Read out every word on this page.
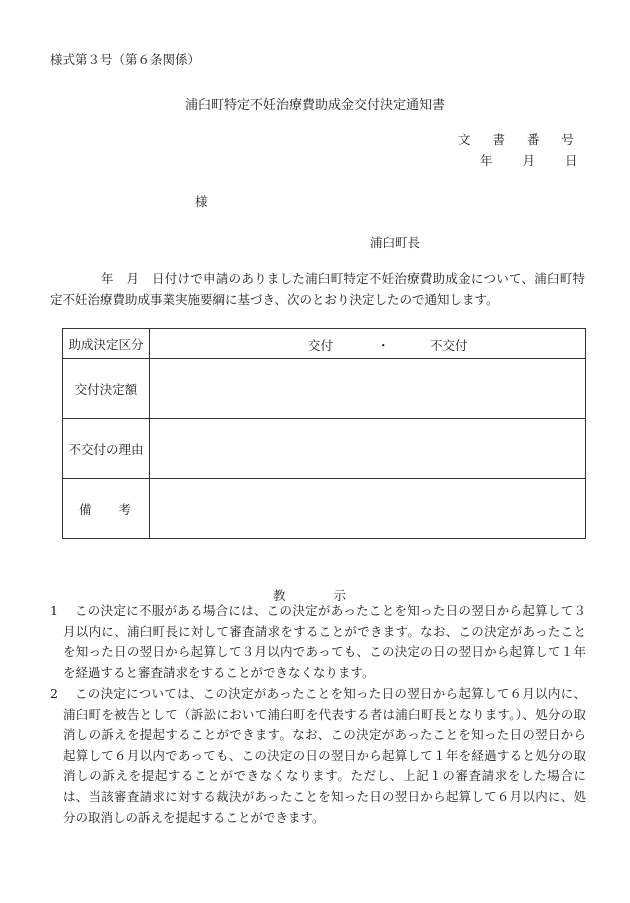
様式第３号（第６条関係）
浦臼町特定不妊治療費助成金交付決定通知書
文 書 番 号
年 月 日
様
浦臼町長
年　月　日付けで申請のありました浦臼町特定不妊治療費助成金について、浦臼町特定不妊治療費助成事業実施要綱に基づき、次のとおり決定したので通知します。
助成決定区分	交付 ・ 不交付

交付決定額	
不交付の理由	

備 考	

教	示
1	この決定に不服がある場合には、この決定があったことを知った日の翌日から起算して３月以内に、浦臼町長に対して審査請求をすることができます。なお、この決定があったことを知った日の翌日から起算して３月以内であっても、この決定の日の翌日から起算して１年を経過すると審査請求をすることができなくなります。
2	この決定については、この決定があったことを知った日の翌日から起算して６月以内に、浦臼町を被告として（訴訟において浦臼町を代表する者は浦臼町長となります。）、処分の取消しの訴えを提起することができます。なお、この決定があったことを知った日の翌日から起算して６月以内であっても、この決定の日の翌日から起算して１年を経過すると処分の取消しの訴えを提起することができなくなります。ただし、上記１の審査請求をした場合には、当該審査請求に対する裁決があったことを知った日の翌日から起算して６月以内に、処分の取消しの訴えを提起することができます。
